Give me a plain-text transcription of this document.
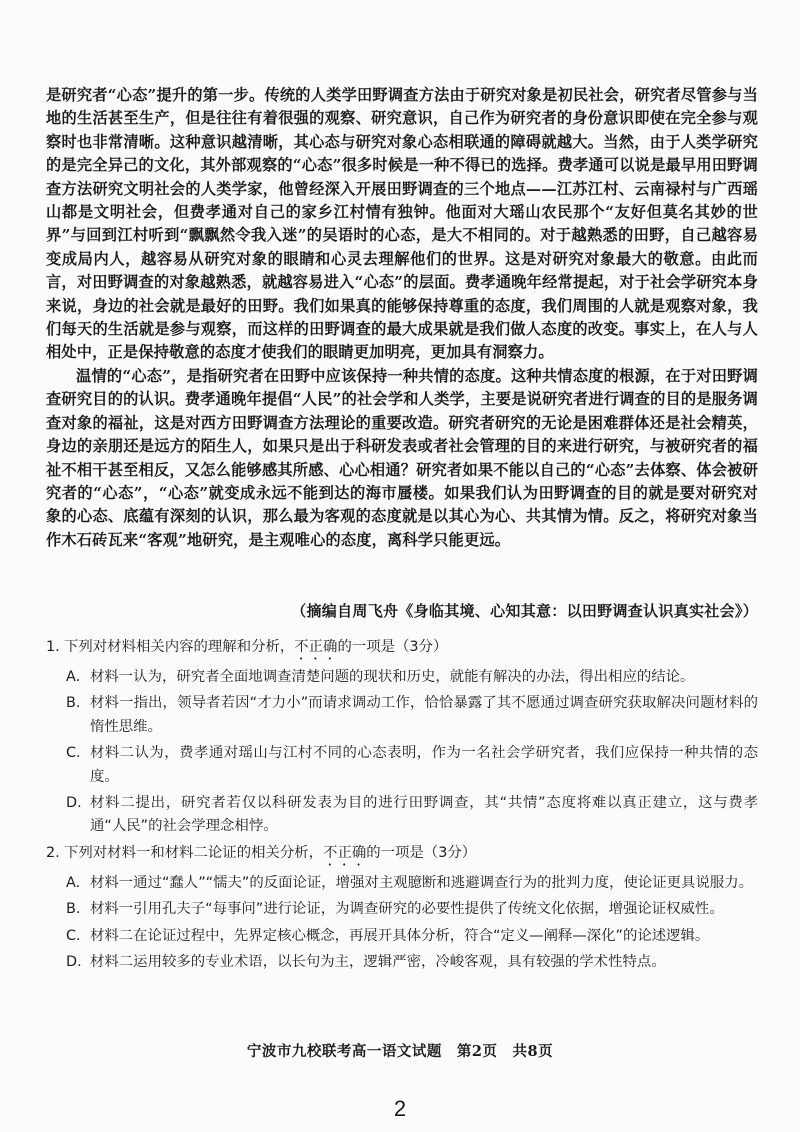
是研究者“心态”提升的第一步。传统的人类学田野调查方法由于研究对象是初民社会，研究者尽管参与当地的生活甚至生产，但是往往有着很强的观察、研究意识，自己作为研究者的身份意识即使在完全参与观察时也非常清晰。这种意识越清晰，其心态与研究对象心态相联通的障碍就越大。当然，由于人类学研究的是完全异己的文化，其外部观察的“心态”很多时候是一种不得已的选择。费孝通可以说是最早用田野调查方法研究文明社会的人类学家，他曾经深入开展田野调查的三个地点——江苏江村、云南禄村与广西瑶山都是文明社会，但费孝通对自己的家乡江村情有独钟。他面对大瑶山农民那个“友好但莫名其妙的世界”与回到江村听到“飘飘然令我入迷”的吴语时的心态，是大不相同的。对于越熟悉的田野，自己越容易变成局内人，越容易从研究对象的眼睛和心灵去理解他们的世界。这是对研究对象最大的敬意。由此而言，对田野调查的对象越熟悉，就越容易进入“心态”的层面。费孝通晚年经常提起，对于社会学研究本身来说，身边的社会就是最好的田野。我们如果真的能够保持尊重的态度，我们周围的人就是观察对象，我们每天的生活就是参与观察，而这样的田野调查的最大成果就是我们做人态度的改变。事实上，在人与人相处中，正是保持敬意的态度才使我们的眼睛更加明亮，更加具有洞察力。

温情的“心态”，是指研究者在田野中应该保持一种共情的态度。这种共情态度的根源，在于对田野调查研究目的的认识。费孝通晚年提倡“人民”的社会学和人类学，主要是说研究者进行调查的目的是服务调查对象的福祉，这是对西方田野调查方法理论的重要改造。研究者研究的无论是困难群体还是社会精英，身边的亲朋还是远方的陌生人，如果只是出于科研发表或者社会管理的目的来进行研究，与被研究者的福祉不相干甚至相反，又怎么能够感其所感、心心相通？研究者如果不能以自己的“心态”去体察、体会被研究者的“心态”，“心态”就变成永远不能到达的海市蜃楼。如果我们认为田野调查的目的就是要对研究对象的心态、底蕴有深刻的认识，那么最为客观的态度就是以其心为心、共其情为情。反之，将研究对象当作木石砖瓦来“客观”地研究，是主观唯心的态度，离科学只能更远。

（摘编自周飞舟《身临其境、心知其意：以田野调查认识真实社会》）
1. 下列对材料相关内容的理解和分析，不正确的一项是（3分）
A. 材料一认为，研究者全面地调查清楚问题的现状和历史，就能有解决的办法，得出相应的结论。
B. 材料一指出，领导者若因“才力小”而请求调动工作，恰恰暴露了其不愿通过调查研究获取解决问题材料的惰性思维。
C. 材料二认为，费孝通对瑶山与江村不同的心态表明，作为一名社会学研究者，我们应保持一种共情的态度。
D. 材料二提出，研究者若仅以科研发表为目的进行田野调查，其“共情”态度将难以真正建立，这与费孝通“人民”的社会学理念相悖。
2. 下列对材料一和材料二论证的相关分析，不正确的一项是（3分）
A. 材料一通过“蠢人”“懦夫”的反面论证，增强对主观臆断和逃避调查行为的批判力度，使论证更具说服力。
B. 材料一引用孔夫子“每事问”进行论证，为调查研究的必要性提供了传统文化依据，增强论证权威性。
C. 材料二在论证过程中，先界定核心概念，再展开具体分析，符合“定义—阐释—深化”的论述逻辑。
D. 材料二运用较多的专业术语，以长句为主，逻辑严密，冷峻客观，具有较强的学术性特点。
宁波市九校联考高一语文试题　第2页　共8页
2
